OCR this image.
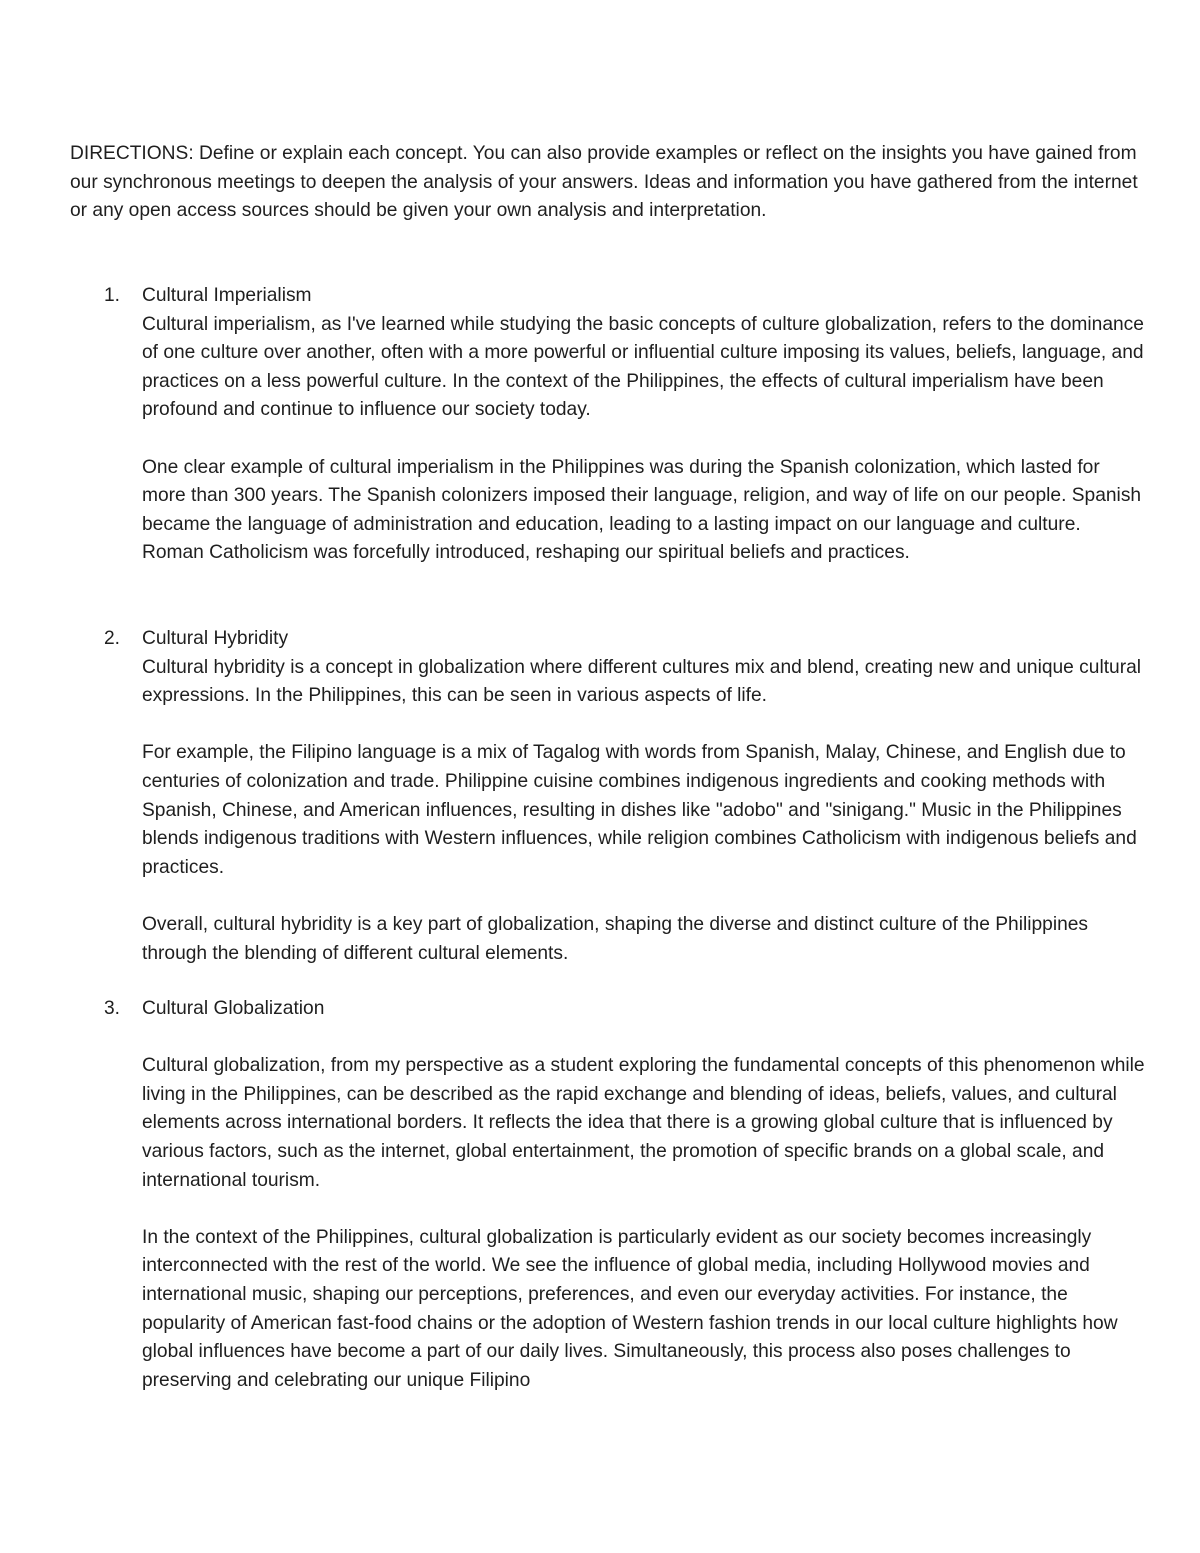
DIRECTIONS: Define or explain each concept. You can also provide examples or reflect on the insights you have gained from our synchronous meetings to deepen the analysis of your answers. Ideas and information you have gathered from the internet or any open access sources should be given your own analysis and interpretation.

1.	Cultural Imperialism

Cultural imperialism, as I've learned while studying the basic concepts of culture globalization, refers to the dominance of one culture over another, often with a more powerful or influential culture imposing its values, beliefs, language, and practices on a less powerful culture. In the context of the Philippines, the effects of cultural imperialism have been profound and continue to influence our society today.

One clear example of cultural imperialism in the Philippines was during the Spanish colonization, which lasted for more than 300 years. The Spanish colonizers imposed their language, religion, and way of life on our people. Spanish became the language of administration and education, leading to a lasting impact on our language and culture. Roman Catholicism was forcefully introduced, reshaping our spiritual beliefs and practices.

2.	Cultural Hybridity

Cultural hybridity is a concept in globalization where different cultures mix and blend, creating new and unique cultural expressions. In the Philippines, this can be seen in various aspects of life.

For example, the Filipino language is a mix of Tagalog with words from Spanish, Malay, Chinese, and English due to centuries of colonization and trade. Philippine cuisine combines indigenous ingredients and cooking methods with Spanish, Chinese, and American influences, resulting in dishes like "adobo" and "sinigang." Music in the Philippines blends indigenous traditions with Western influences, while religion combines Catholicism with indigenous beliefs and practices.

Overall, cultural hybridity is a key part of globalization, shaping the diverse and distinct culture of the Philippines through the blending of different cultural elements.

3.	Cultural Globalization

Cultural globalization, from my perspective as a student exploring the fundamental concepts of this phenomenon while living in the Philippines, can be described as the rapid exchange and blending of ideas, beliefs, values, and cultural elements across international borders. It reflects the idea that there is a growing global culture that is influenced by various factors, such as the internet, global entertainment, the promotion of specific brands on a global scale, and international tourism.

In the context of the Philippines, cultural globalization is particularly evident as our society becomes increasingly interconnected with the rest of the world. We see the influence of global media, including Hollywood movies and international music, shaping our perceptions, preferences, and even our everyday activities. For instance, the popularity of American fast-food chains or the adoption of Western fashion trends in our local culture highlights how global influences have become a part of our daily lives. Simultaneously, this process also poses challenges to preserving and celebrating our unique Filipino
